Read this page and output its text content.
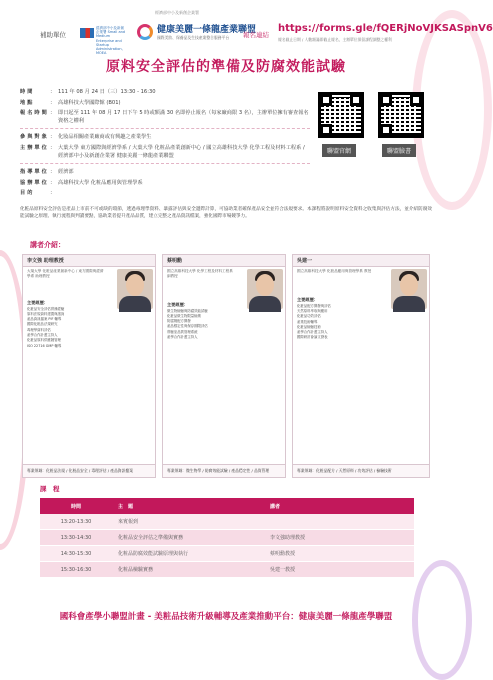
經濟部中小及新創企業署
補助單位
經濟部中小及新創企業署 Small and Medium Enterprise and Startup Administration, MOEA
健康美麗一條龍產業聯盟
國際美妝、保養品及生技產業整合服務平台	報名連結
https://forms.gle/fQERjNoVJKSASpnV6
報名截止日期 / 人數額滿即截止報名，主辦單位保留課程調整之權利
原料安全評估的準備及防腐效能試驗
時間	： 111 年 08 月 24 日（三）13:30 - 16:30
地點	： 高雄科技大學國際館 (B01)
報名時間 ： 即日起至 111 年 08 月 17 日下午 5 時或額滿 30 名即停止報名（每家廠商限 3 名），主辦單位擁有審查報名資格之權利
參與對象 ： 化妝品相關產業廠商或有興趣之產業學生
主辦單位 ： 大葉大學 東方國際與經濟學系 / 大葉大學 化粧品產業創新中心 / 國立高雄科技大學 化學工程及材料工程系 / 經濟部中小及新創企業署 健康美麗一條龍產業聯盟
指導單位 ： 經濟部
協辦單位 ： 高雄科技大學 化粧品應用與管理學系
目的	：
聯盟官網	聯盟臉書
化粧品原料安全評估是產品上市前不可或缺的環節，透過毒理學資料、暴露評估與安全邊際計算，可協助業者確保產品安全並符合法規要求。本課程將說明原料安全資料之收集與評估方法，並介紹防腐效能試驗之原理、執行流程與判讀要點，協助業者提升產品品質，建立完整之產品資訊檔案，強化國際市場競爭力。
講者介紹：
李文強 助理教授
大葉大學 化粧品產業創新中心 / 東方國際與經濟學系 助理教授
主要經歷：
化粧品安全評估實務經驗
原料法規資料建置與諮詢
產品資訊檔案 PIF 輔導
國際化粧品法規研究
毒理學資料評估
產學合作計畫主持人
化粧品原料供應鏈管理
ISO 22716 GMP 輔導
專業領域：化粧品法規 / 化粧品安全 / 毒理評估 / 產品資訊檔案
蔡明勳
國立高雄科技大學 化學工程及材料工程系 副教授
主要經歷：
微生物檢驗與防腐效能試驗
化粧品微生物限量檢測
防腐劑配方開發
產品穩定性與保存期限評估
實驗室品質管理系統
產學合作計畫主持人
專業領域：微生物學 / 防腐效能試驗 / 產品穩定性 / 品質管理
吳建一
國立高雄科技大學 化粧品應用與管理學系 教授
主要經歷：
化粧品配方開發與評估
天然原料萃取與應用
化粧品功效評估
產業技術輔導
化粧品檢驗技術
產學合作計畫主持人
國際研討會論文發表
專業領域：化粧品配方 / 天然原料 / 功效評估 / 檢驗技術
課　程
時間	主　題	講者
13:20-13:30	來賓報到
13:30-14:30	化粧品安全評估之準備與實務	李文強助理教授
14:30-15:30	化粧品防腐效能試驗原理與執行	蔡明勳教授
15:30-16:30	化粧品檢驗實務	吳建一教授
國科會產學小聯盟計畫 - 美粧品技術升級輔導及產業推動平台：健康美麗一條龍產學聯盟
